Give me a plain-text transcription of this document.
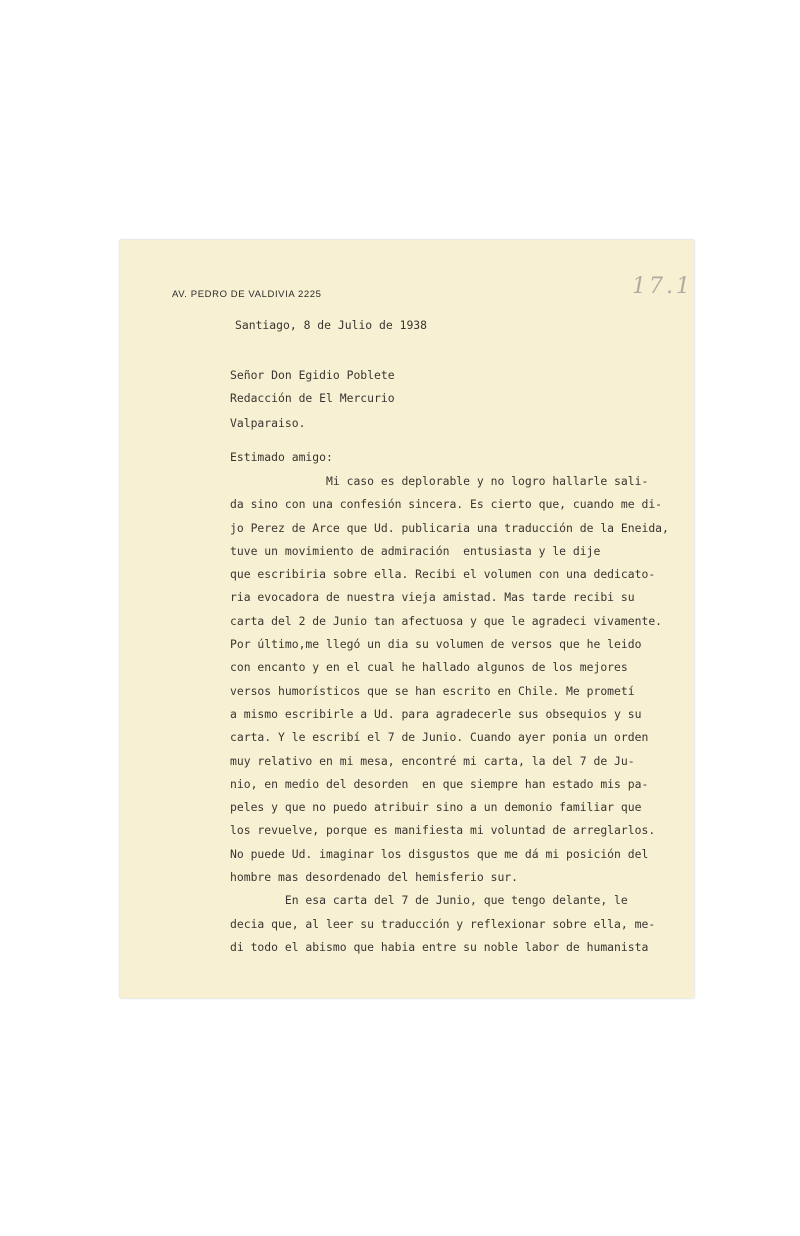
AV. PEDRO DE VALDIVIA 2225	17.1
Santiago, 8 de Julio de 1938
Señor Don Egidio Poblete
Redacción de El Mercurio
Valparaiso.
Estimado amigo:
Mi caso es deplorable y no logro hallarle sali-
da sino con una confesión sincera. Es cierto que, cuando me di-
jo Perez de Arce que Ud. publicaria una traducción de la Eneida,
tuve un movimiento de admiración  entusiasta y le dije
que escribiria sobre ella. Recibi el volumen con una dedicato-
ria evocadora de nuestra vieja amistad. Mas tarde recibi su
carta del 2 de Junio tan afectuosa y que le agradeci vivamente.
Por último,me llegó un dia su volumen de versos que he leido
con encanto y en el cual he hallado algunos de los mejores
versos humorísticos que se han escrito en Chile. Me prometí
a mismo escribirle a Ud. para agradecerle sus obsequios y su
carta. Y le escribí el 7 de Junio. Cuando ayer ponia un orden
muy relativo en mi mesa, encontré mi carta, la del 7 de Ju-
nio, en medio del desorden  en que siempre han estado mis pa-
peles y que no puedo atribuir sino a un demonio familiar que
los revuelve, porque es manifiesta mi voluntad de arreglarlos.
No puede Ud. imaginar los disgustos que me dá mi posición del
hombre mas desordenado del hemisferio sur.
En esa carta del 7 de Junio, que tengo delante, le
decia que, al leer su traducción y reflexionar sobre ella, me-
di todo el abismo que habia entre su noble labor de humanista
